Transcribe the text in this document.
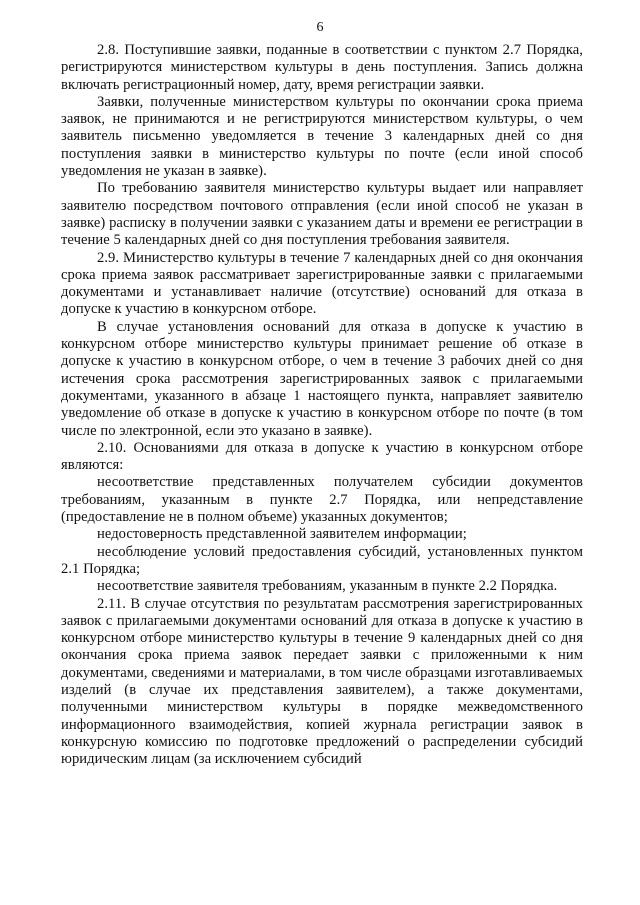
6

2.8. Поступившие заявки, поданные в соответствии с пунктом 2.7 Порядка, регистрируются министерством культуры в день поступления. Запись должна включать регистрационный номер, дату, время регистрации заявки.

Заявки, полученные министерством культуры по окончании срока приема заявок, не принимаются и не регистрируются министерством культуры, о чем заявитель письменно уведомляется в течение 3 календарных дней со дня поступления заявки в министерство культуры по почте (если иной способ уведомления не указан в заявке).

По требованию заявителя министерство культуры выдает или направляет заявителю посредством почтового отправления (если иной способ не указан в заявке) расписку в получении заявки с указанием даты и времени ее регистрации в течение 5 календарных дней со дня поступления требования заявителя.

2.9. Министерство культуры в течение 7 календарных дней со дня окончания срока приема заявок рассматривает зарегистрированные заявки с прилагаемыми документами и устанавливает наличие (отсутствие) оснований для отказа в допуске к участию в конкурсном отборе.

В случае установления оснований для отказа в допуске к участию в конкурсном отборе министерство культуры принимает решение об отказе в допуске к участию в конкурсном отборе, о чем в течение 3 рабочих дней со дня истечения срока рассмотрения зарегистрированных заявок с прилагаемыми документами, указанного в абзаце 1 настоящего пункта, направляет заявителю уведомление об отказе в допуске к участию в конкурсном отборе по почте (в том числе по электронной, если это указано в заявке).

2.10. Основаниями для отказа в допуске к участию в конкурсном отборе являются:

несоответствие представленных получателем субсидии документов требованиям, указанным в пункте 2.7 Порядка, или непредставление (предоставление не в полном объеме) указанных документов;

недостоверность представленной заявителем информации;

несоблюдение условий предоставления субсидий, установленных пунктом 2.1 Порядка;

несоответствие заявителя требованиям, указанным в пункте 2.2 Порядка.

2.11. В случае отсутствия по результатам рассмотрения зарегистрированных заявок с прилагаемыми документами оснований для отказа в допуске к участию в конкурсном отборе министерство культуры в течение 9 календарных дней со дня окончания срока приема заявок передает заявки с приложенными к ним документами, сведениями и материалами, в том числе образцами изготавливаемых изделий (в случае их представления заявителем), а также документами, полученными министерством культуры в порядке межведомственного информационного взаимодействия, копией журнала регистрации заявок в конкурсную комиссию по подготовке предложений о распределении субсидий юридическим лицам (за исключением субсидий
